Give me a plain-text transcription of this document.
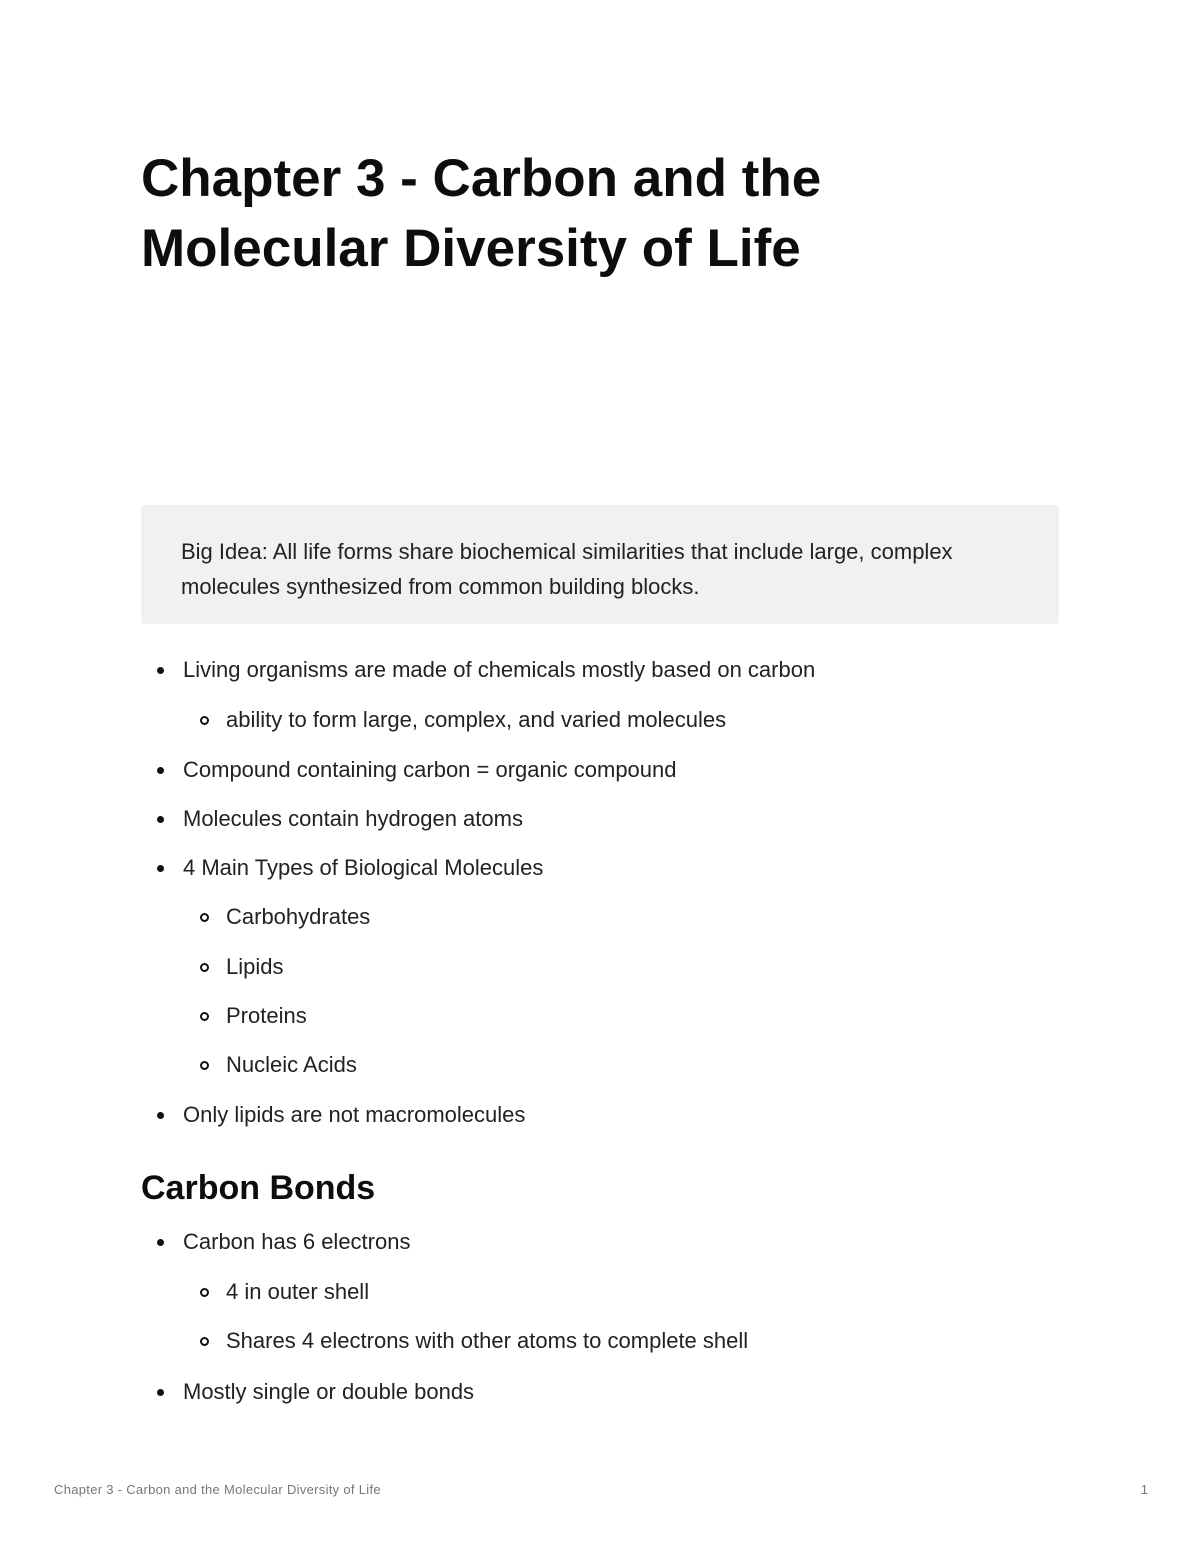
Chapter 3 - Carbon and the Molecular Diversity of Life
Big Idea: All life forms share biochemical similarities that include large, complex molecules synthesized from common building blocks.
Living organisms are made of chemicals mostly based on carbon
ability to form large, complex, and varied molecules
Compound containing carbon = organic compound
Molecules contain hydrogen atoms
4 Main Types of Biological Molecules
Carbohydrates
Lipids
Proteins
Nucleic Acids
Only lipids are not macromolecules
Carbon Bonds
Carbon has 6 electrons
4 in outer shell
Shares 4 electrons with other atoms to complete shell
Mostly single or double bonds
Chapter 3 - Carbon and the Molecular Diversity of Life	1
